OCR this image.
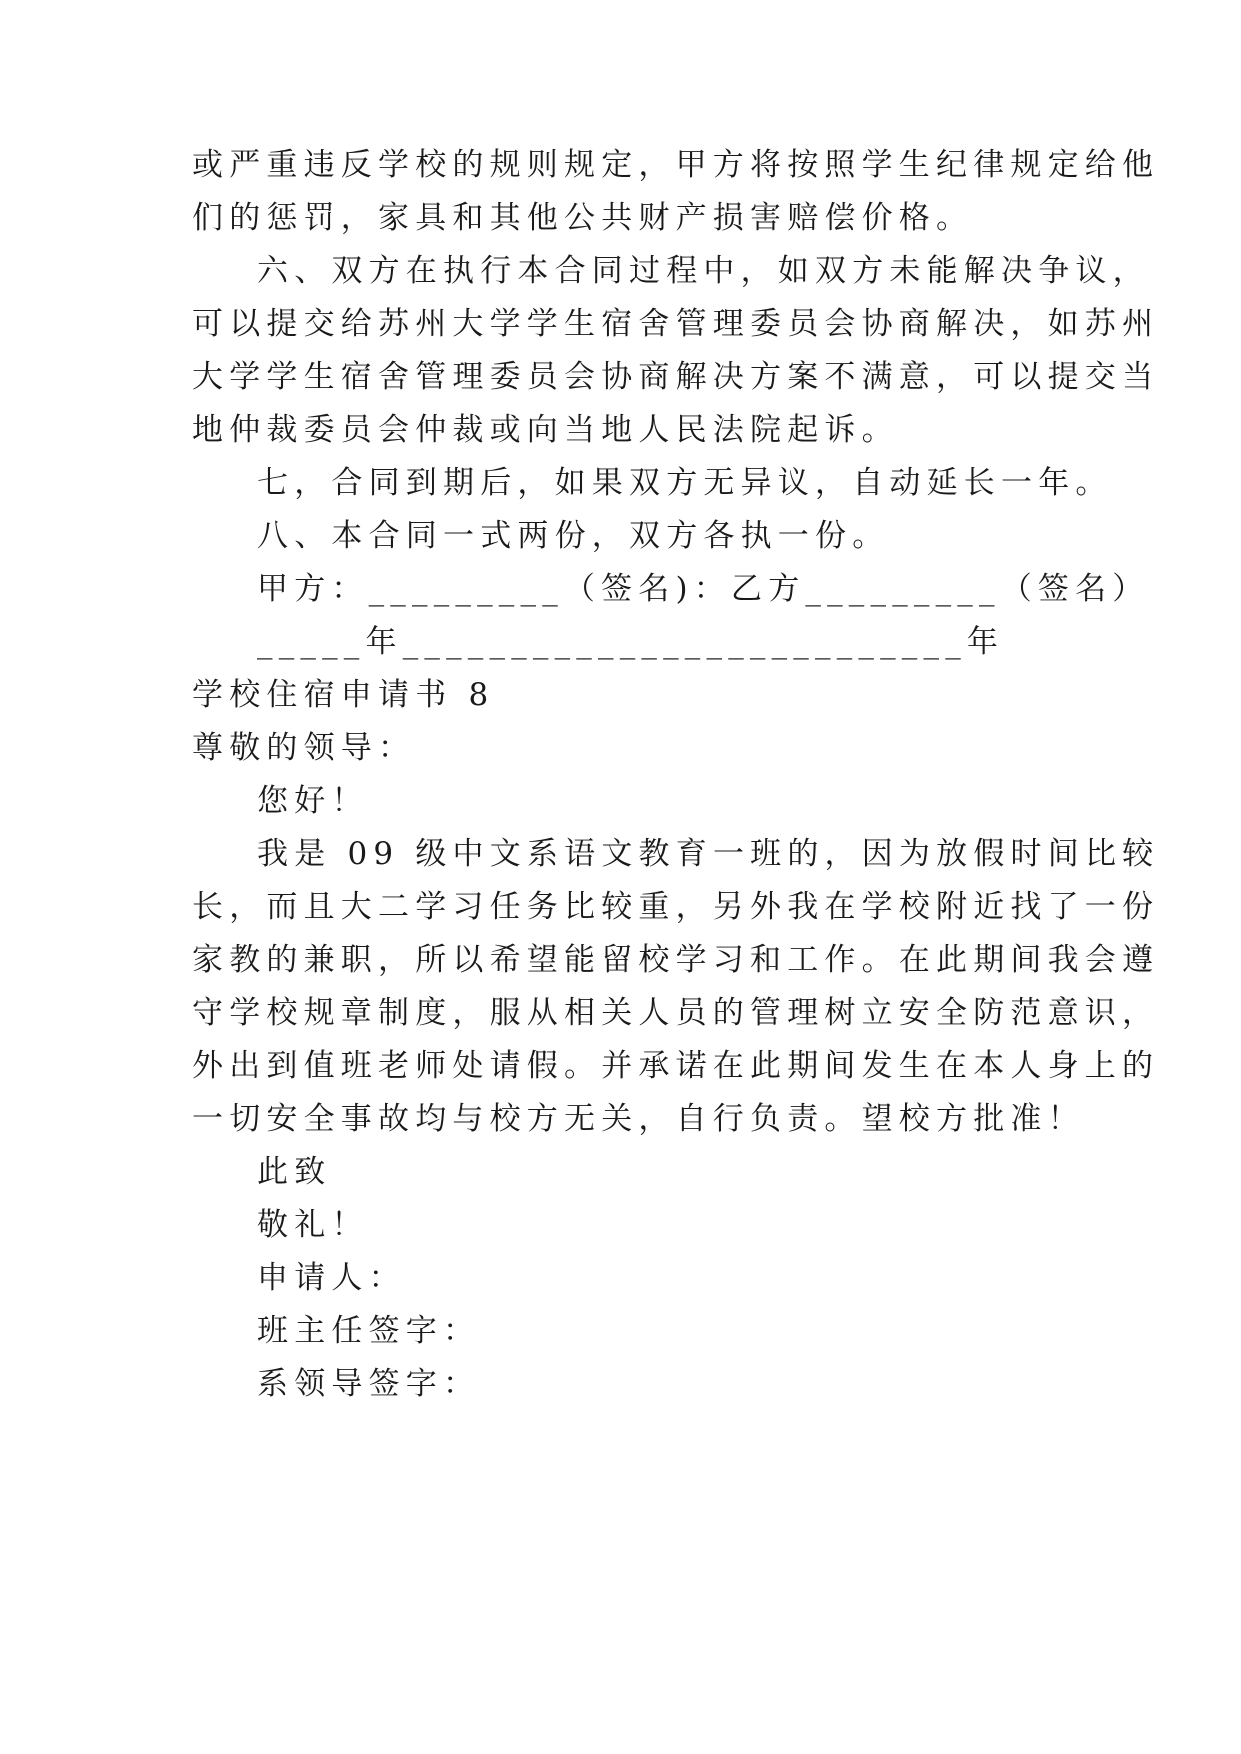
或严重违反学校的规则规定，甲方将按照学生纪律规定给他
们的惩罚，家具和其他公共财产损害赔偿价格。
六、双方在执行本合同过程中，如双方未能解决争议，
可以提交给苏州大学学生宿舍管理委员会协商解决，如苏州
大学学生宿舍管理委员会协商解决方案不满意，可以提交当
地仲裁委员会仲裁或向当地人民法院起诉。
七，合同到期后，如果双方无异议，自动延长一年。
八、本合同一式两份，双方各执一份。
甲方：_________（签名)：乙方_________（签名）
_____年__________________________年
学校住宿申请书 8
尊敬的领导：
您好！
我是 09 级中文系语文教育一班的，因为放假时间比较
长，而且大二学习任务比较重，另外我在学校附近找了一份
家教的兼职，所以希望能留校学习和工作。在此期间我会遵
守学校规章制度，服从相关人员的管理树立安全防范意识，
外出到值班老师处请假。并承诺在此期间发生在本人身上的
一切安全事故均与校方无关，自行负责。望校方批准！
此致
敬礼！
申请人：
班主任签字：
系领导签字：
